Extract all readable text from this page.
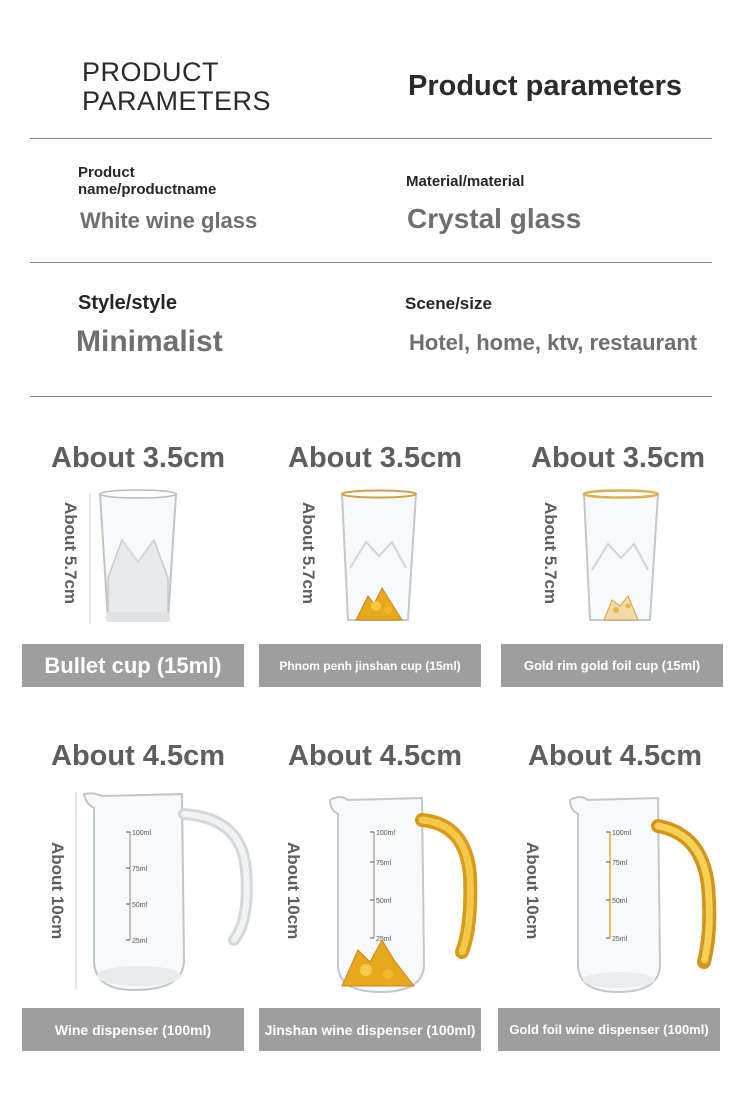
PRODUCT
PARAMETERS	Product parameters
Product
name/productname
White wine glass
Material/material
Crystal glass
Style/style
Minimalist
Scene/size
Hotel, home, ktv, restaurant
About 3.5cm
About 5.7cm
Bullet cup (15ml)
About 3.5cm
About 5.7cm
Phnom penh jinshan cup (15ml)
About 3.5cm
About 5.7cm
Gold rim gold foil cup (15ml)
About 4.5cm
About 10cm
100ml
75ml
50ml
25ml
Wine dispenser (100ml)
About 4.5cm
About 10cm
100ml
75ml
50ml
25ml
Jinshan wine dispenser (100ml)
About 4.5cm
About 10cm
100ml
75ml
50ml
25ml
Gold foil wine dispenser (100ml)
